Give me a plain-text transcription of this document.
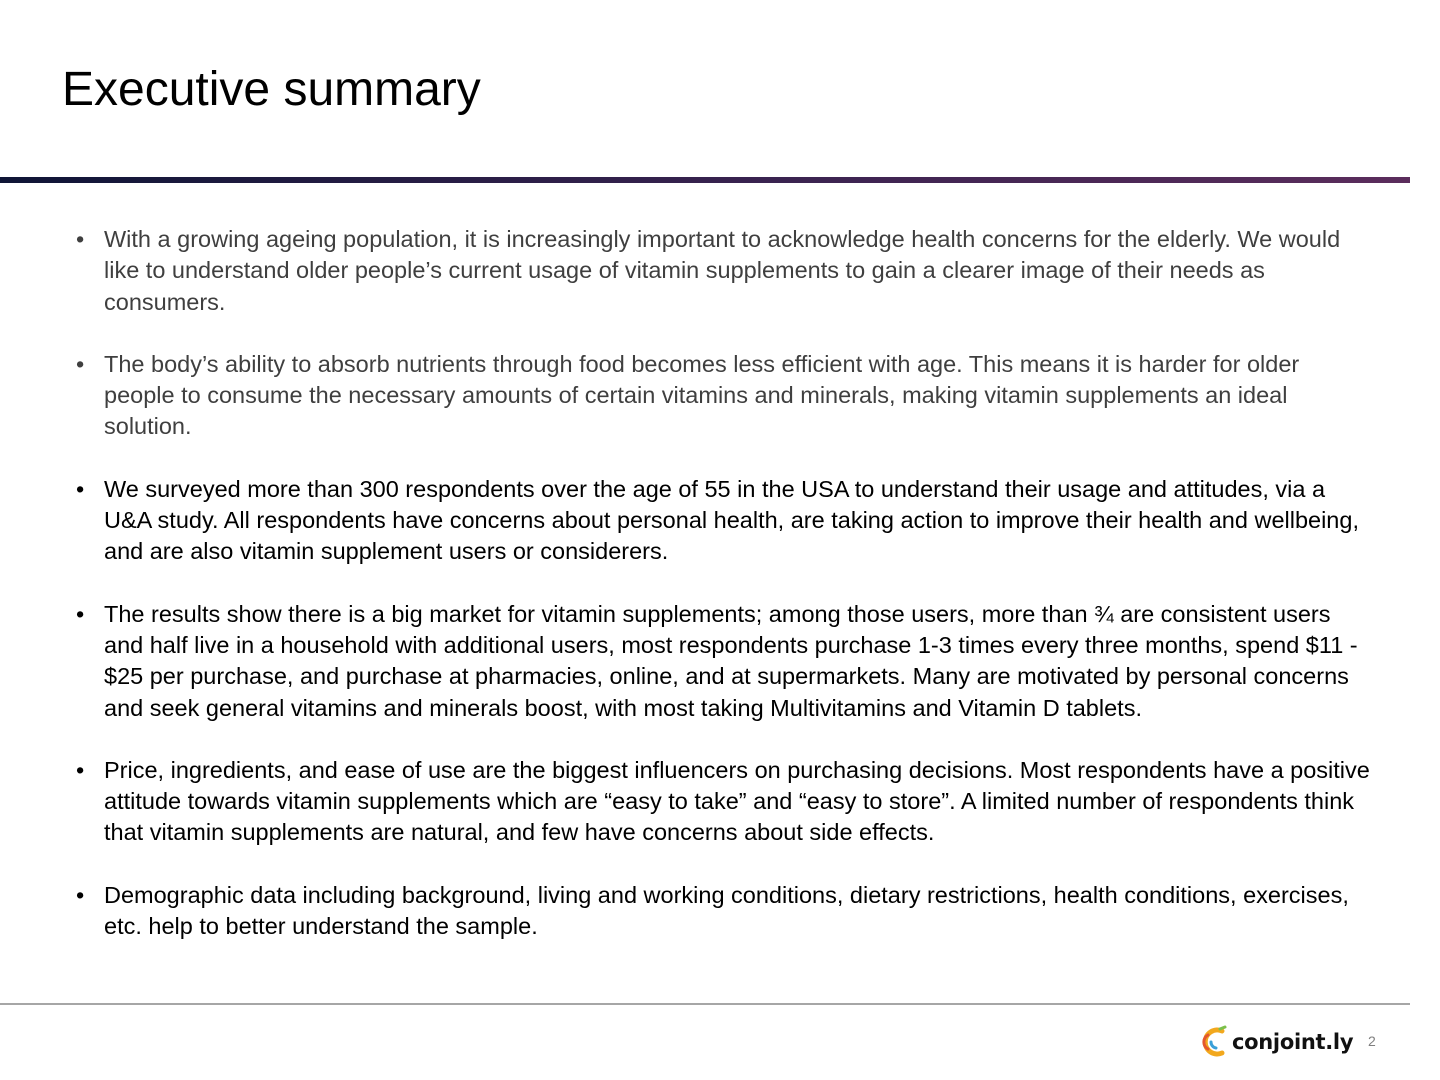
Executive summary
• With a growing ageing population, it is increasingly important to acknowledge health concerns for the elderly. We would like to understand older people’s current usage of vitamin supplements to gain a clearer image of their needs as consumers.
• The body’s ability to absorb nutrients through food becomes less efficient with age. This means it is harder for older people to consume the necessary amounts of certain vitamins and minerals, making vitamin supplements an ideal solution.
• We surveyed more than 300 respondents over the age of 55 in the USA to understand their usage and attitudes, via a U&A study. All respondents have concerns about personal health, are taking action to improve their health and wellbeing, and are also vitamin supplement users or considerers.
• The results show there is a big market for vitamin supplements; among those users, more than ¾ are consistent users and half live in a household with additional users, most respondents purchase 1-3 times every three months, spend $11 - $25 per purchase, and purchase at pharmacies, online, and at supermarkets. Many are motivated by personal concerns and seek general vitamins and minerals boost, with most taking Multivitamins and Vitamin D tablets.
• Price, ingredients, and ease of use are the biggest influencers on purchasing decisions. Most respondents have a positive attitude towards vitamin supplements which are “easy to take” and “easy to store”. A limited number of respondents think that vitamin supplements are natural, and few have concerns about side effects.
• Demographic data including background, living and working conditions, dietary restrictions, health conditions, exercises, etc. help to better understand the sample.
conjoint.ly 2
